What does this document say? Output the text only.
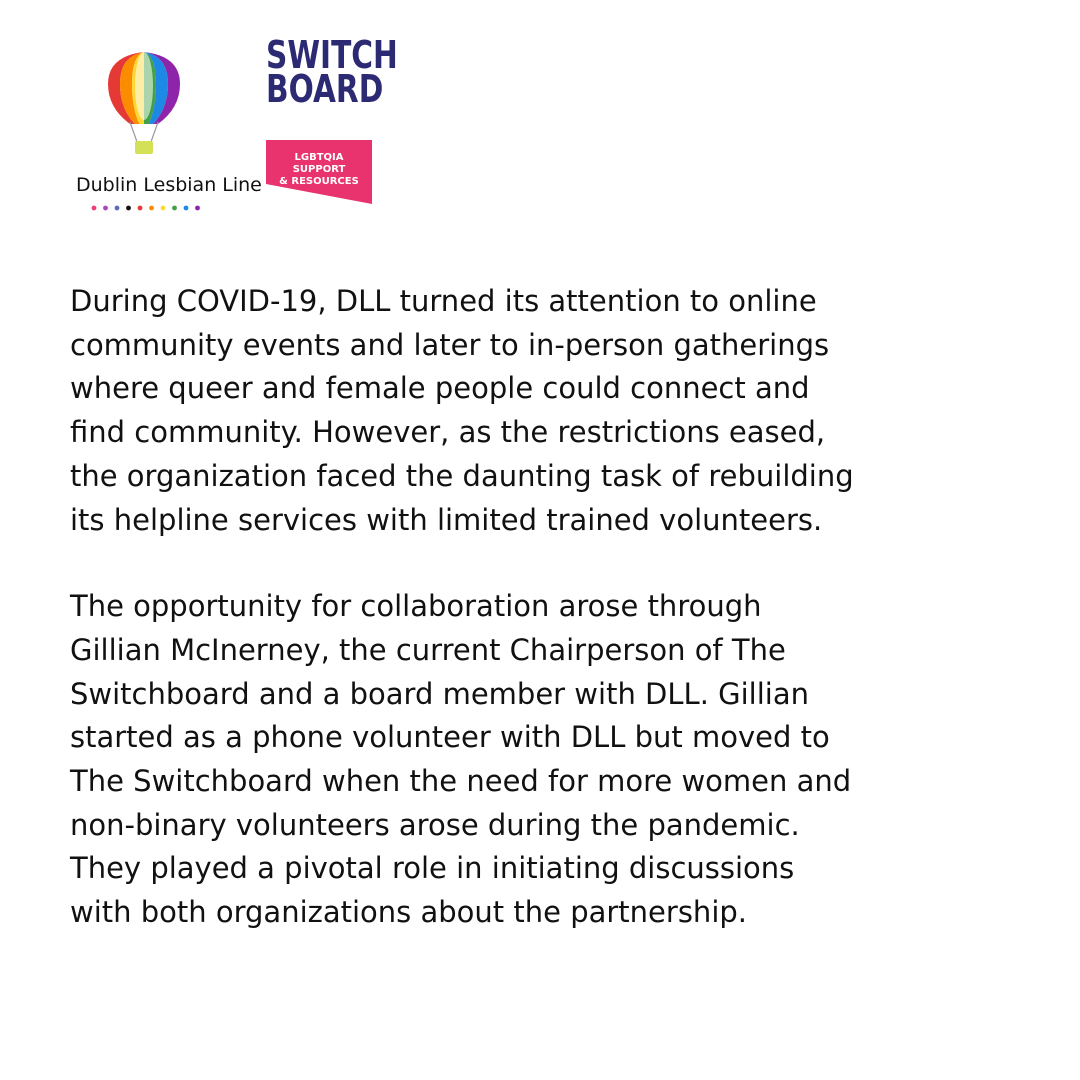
Dublin Lesbian Line
SWITCH
BOARD
LGBTQIA SUPPORT
& RESOURCES

During COVID-19, DLL turned its attention to online
community events and later to in-person gatherings
where queer and female people could connect and
find community. However, as the restrictions eased,
the organization faced the daunting task of rebuilding
its helpline services with limited trained volunteers.

The opportunity for collaboration arose through
Gillian McInerney, the current Chairperson of The
Switchboard and a board member with DLL. Gillian
started as a phone volunteer with DLL but moved to
The Switchboard when the need for more women and
non-binary volunteers arose during the pandemic.
They played a pivotal role in initiating discussions
with both organizations about the partnership.
